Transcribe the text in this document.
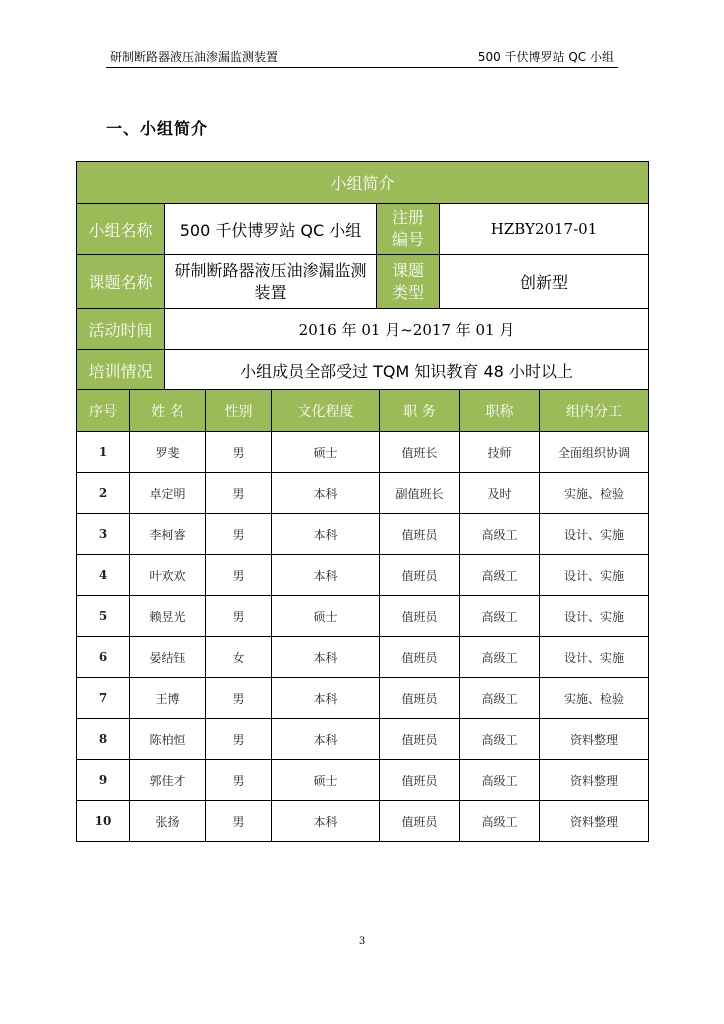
研制断路器液压油渗漏监测装置	500 千伏博罗站 QC 小组
一、小组简介
小组简介			
小组名称	500 千伏博罗站 QC 小组	注册编号	HZBY2017-01
课题名称	研制断路器液压油渗漏监测装置	课题类型	创新型
活动时间	2016 年 01 月~2017 年 01 月		
培训情况	小组成员全部受过 TQM 知识教育 48 小时以上		
序号	姓 名	性别	文化程度	职 务	职称	组内分工
1	罗斐	男	硕士	值班长	技师	全面组织协调
2	卓定明	男	本科	副值班长	及时	实施、检验
3	李柯睿	男	本科	值班员	高级工	设计、实施
4	叶欢欢	男	本科	值班员	高级工	设计、实施
5	赖昱光	男	硕士	值班员	高级工	设计、实施
6	晏结钰	女	本科	值班员	高级工	设计、实施
7	王博	男	本科	值班员	高级工	实施、检验
8	陈柏恒	男	本科	值班员	高级工	资料整理
9	郭佳才	男	硕士	值班员	高级工	资料整理
10	张扬	男	本科	值班员	高级工	资料整理
3
